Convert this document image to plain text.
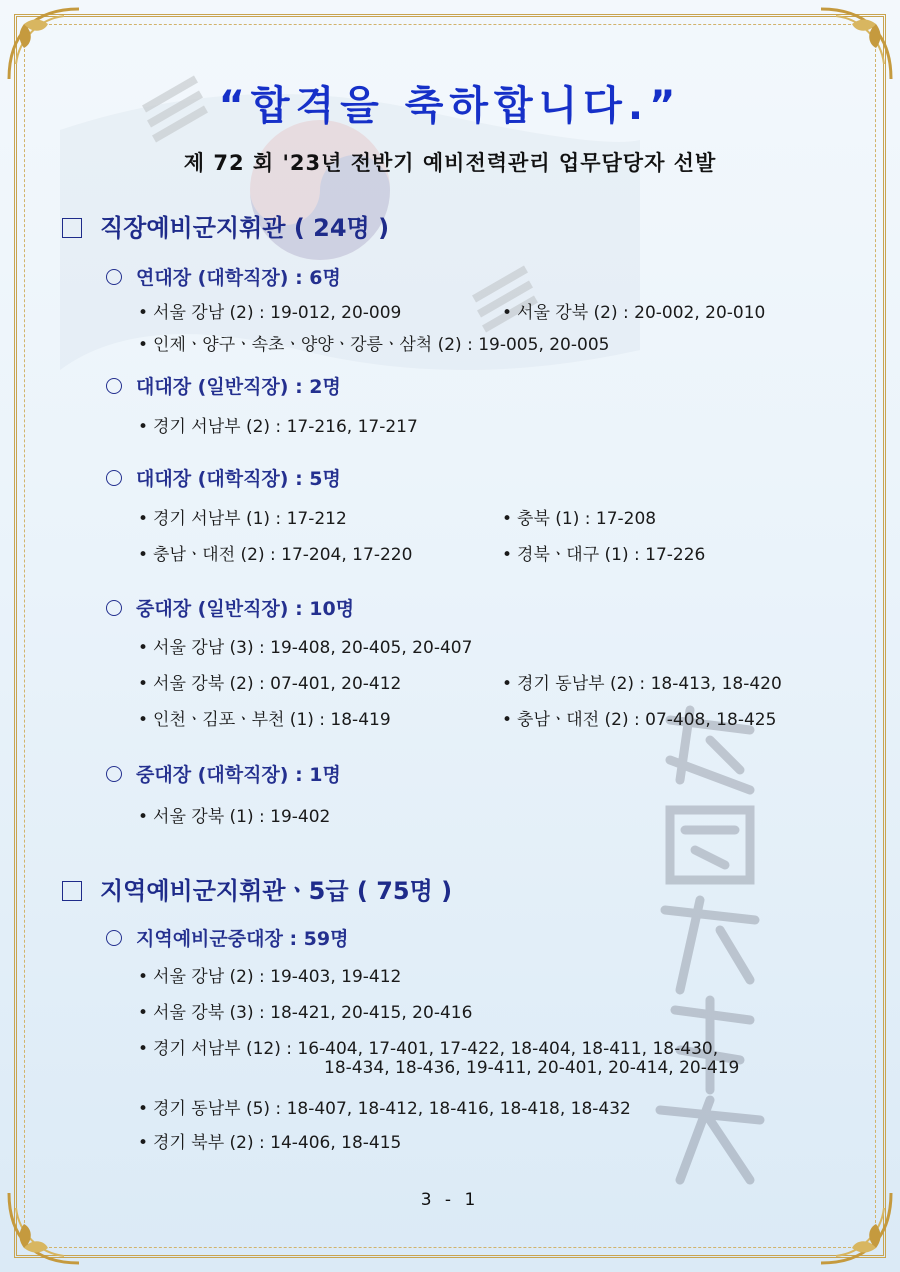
“합격을 축하합니다.”
제 72 회 '23년 전반기 예비전력관리 업무담당자 선발
직장예비군지휘관 ( 24명 )
연대장 (대학직장) : 6명
• 서울 강남 (2) : 19-012, 20-009	• 서울 강북 (2) : 20-002, 20-010
• 인제ㆍ양구ㆍ속초ㆍ양양ㆍ강릉ㆍ삼척 (2) : 19-005, 20-005
대대장 (일반직장) : 2명
• 경기 서남부 (2) : 17-216, 17-217
대대장 (대학직장) : 5명
• 경기 서남부 (1) : 17-212	• 충북 (1) : 17-208
• 충남ㆍ대전 (2) : 17-204, 17-220	• 경북ㆍ대구 (1) : 17-226
중대장 (일반직장) : 10명
• 서울 강남 (3) : 19-408, 20-405, 20-407
• 서울 강북 (2) : 07-401, 20-412	• 경기 동남부 (2) : 18-413, 18-420
• 인천ㆍ김포ㆍ부천 (1) : 18-419	• 충남ㆍ대전 (2) : 07-408, 18-425
중대장 (대학직장) : 1명
• 서울 강북 (1) : 19-402
지역예비군지휘관ㆍ5급 ( 75명 )
지역예비군중대장 : 59명
• 서울 강남 (2) : 19-403, 19-412
• 서울 강북 (3) : 18-421, 20-415, 20-416
• 경기 서남부 (12) : 16-404, 17-401, 17-422, 18-404, 18-411, 18-430,
18-434, 18-436, 19-411, 20-401, 20-414, 20-419
• 경기 동남부 (5) : 18-407, 18-412, 18-416, 18-418, 18-432
• 경기 북부 (2) : 14-406, 18-415
3 - 1
